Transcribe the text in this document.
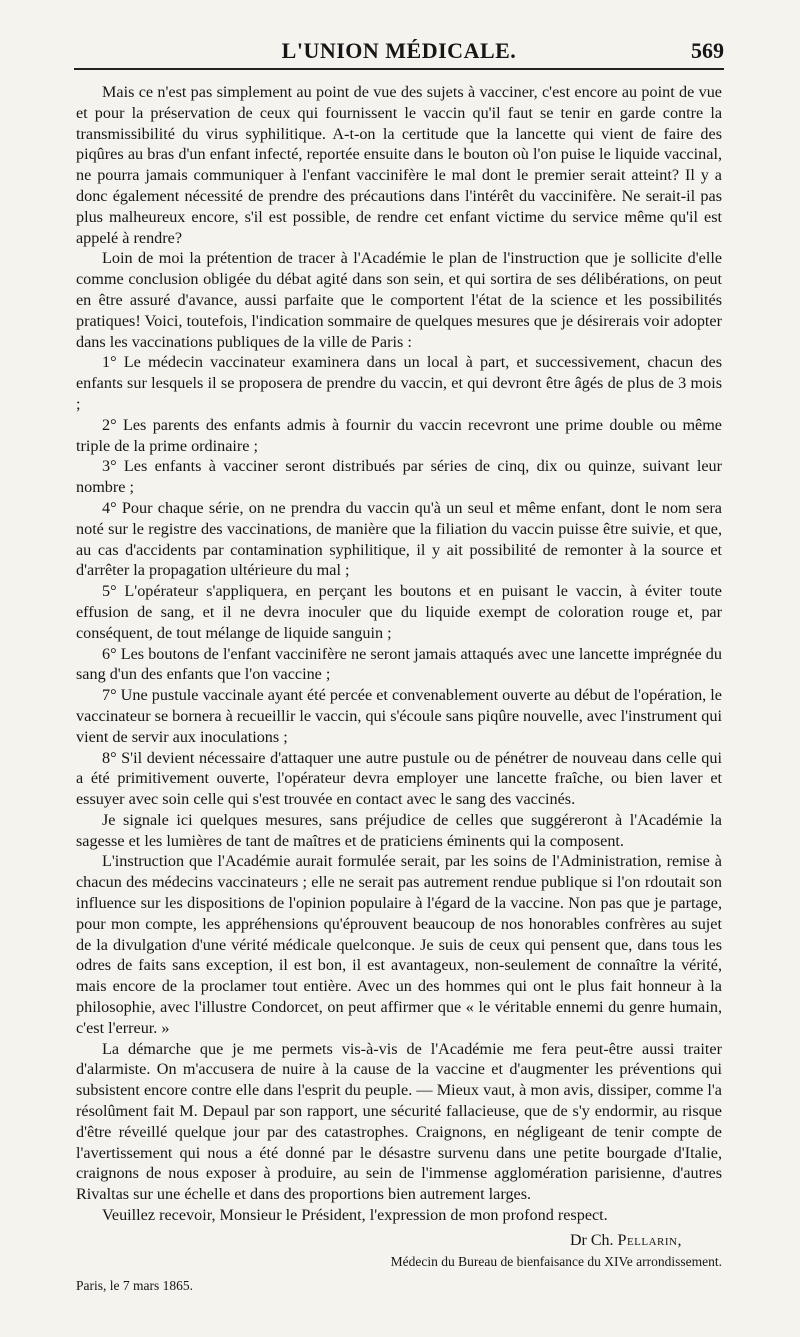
L'UNION MÉDICALE.	569

Mais ce n'est pas simplement au point de vue des sujets à vacciner, c'est encore au point de vue et pour la préservation de ceux qui fournissent le vaccin qu'il faut se tenir en garde contre la transmissibilité du virus syphilitique. A-t-on la certitude que la lancette qui vient de faire des piqûres au bras d'un enfant infecté, reportée ensuite dans le bouton où l'on puise le liquide vaccinal, ne pourra jamais communiquer à l'enfant vaccinifère le mal dont le premier serait atteint? Il y a donc également nécessité de prendre des précautions dans l'intérêt du vaccinifère. Ne serait-il pas plus malheureux encore, s'il est possible, de rendre cet enfant victime du service même qu'il est appelé à rendre?

Loin de moi la prétention de tracer à l'Académie le plan de l'instruction que je sollicite d'elle comme conclusion obligée du débat agité dans son sein, et qui sortira de ses délibérations, on peut en être assuré d'avance, aussi parfaite que le comportent l'état de la science et les possibilités pratiques! Voici, toutefois, l'indication sommaire de quelques mesures que je désirerais voir adopter dans les vaccinations publiques de la ville de Paris :

1° Le médecin vaccinateur examinera dans un local à part, et successivement, chacun des enfants sur lesquels il se proposera de prendre du vaccin, et qui devront être âgés de plus de 3 mois ;

2° Les parents des enfants admis à fournir du vaccin recevront une prime double ou même triple de la prime ordinaire ;

3° Les enfants à vacciner seront distribués par séries de cinq, dix ou quinze, suivant leur nombre ;

4° Pour chaque série, on ne prendra du vaccin qu'à un seul et même enfant, dont le nom sera noté sur le registre des vaccinations, de manière que la filiation du vaccin puisse être suivie, et que, au cas d'accidents par contamination syphilitique, il y ait possibilité de remonter à la source et d'arrêter la propagation ultérieure du mal ;

5° L'opérateur s'appliquera, en perçant les boutons et en puisant le vaccin, à éviter toute effusion de sang, et il ne devra inoculer que du liquide exempt de coloration rouge et, par conséquent, de tout mélange de liquide sanguin ;

6° Les boutons de l'enfant vaccinifère ne seront jamais attaqués avec une lancette imprégnée du sang d'un des enfants que l'on vaccine ;

7° Une pustule vaccinale ayant été percée et convenablement ouverte au début de l'opération, le vaccinateur se bornera à recueillir le vaccin, qui s'écoule sans piqûre nouvelle, avec l'instrument qui vient de servir aux inoculations ;

8° S'il devient nécessaire d'attaquer une autre pustule ou de pénétrer de nouveau dans celle qui a été primitivement ouverte, l'opérateur devra employer une lancette fraîche, ou bien laver et essuyer avec soin celle qui s'est trouvée en contact avec le sang des vaccinés.

Je signale ici quelques mesures, sans préjudice de celles que suggéreront à l'Académie la sagesse et les lumières de tant de maîtres et de praticiens éminents qui la composent.

L'instruction que l'Académie aurait formulée serait, par les soins de l'Administration, remise à chacun des médecins vaccinateurs ; elle ne serait pas autrement rendue publique si l'on rdoutait son influence sur les dispositions de l'opinion populaire à l'égard de la vaccine. Non pas que je partage, pour mon compte, les appréhensions qu'éprouvent beaucoup de nos honorables confrères au sujet de la divulgation d'une vérité médicale quelconque. Je suis de ceux qui pensent que, dans tous les odres de faits sans exception, il est bon, il est avantageux, non-seulement de connaître la vérité, mais encore de la proclamer tout entière. Avec un des hommes qui ont le plus fait honneur à la philosophie, avec l'illustre Condorcet, on peut affirmer que « le véritable ennemi du genre humain, c'est l'erreur. »

La démarche que je me permets vis-à-vis de l'Académie me fera peut-être aussi traiter d'alarmiste. On m'accusera de nuire à la cause de la vaccine et d'augmenter les préventions qui subsistent encore contre elle dans l'esprit du peuple. — Mieux vaut, à mon avis, dissiper, comme l'a résolûment fait M. Depaul par son rapport, une sécurité fallacieuse, que de s'y endormir, au risque d'être réveillé quelque jour par des catastrophes. Craignons, en négligeant de tenir compte de l'avertissement qui nous a été donné par le désastre survenu dans une petite bourgade d'Italie, craignons de nous exposer à produire, au sein de l'immense agglomération parisienne, d'autres Rivaltas sur une échelle et dans des proportions bien autrement larges.

Veuillez recevoir, Monsieur le Président, l'expression de mon profond respect.

Dr Ch. Pellarin,
Médecin du Bureau de bienfaisance du XIVe arrondissement.
Paris, le 7 mars 1865.
